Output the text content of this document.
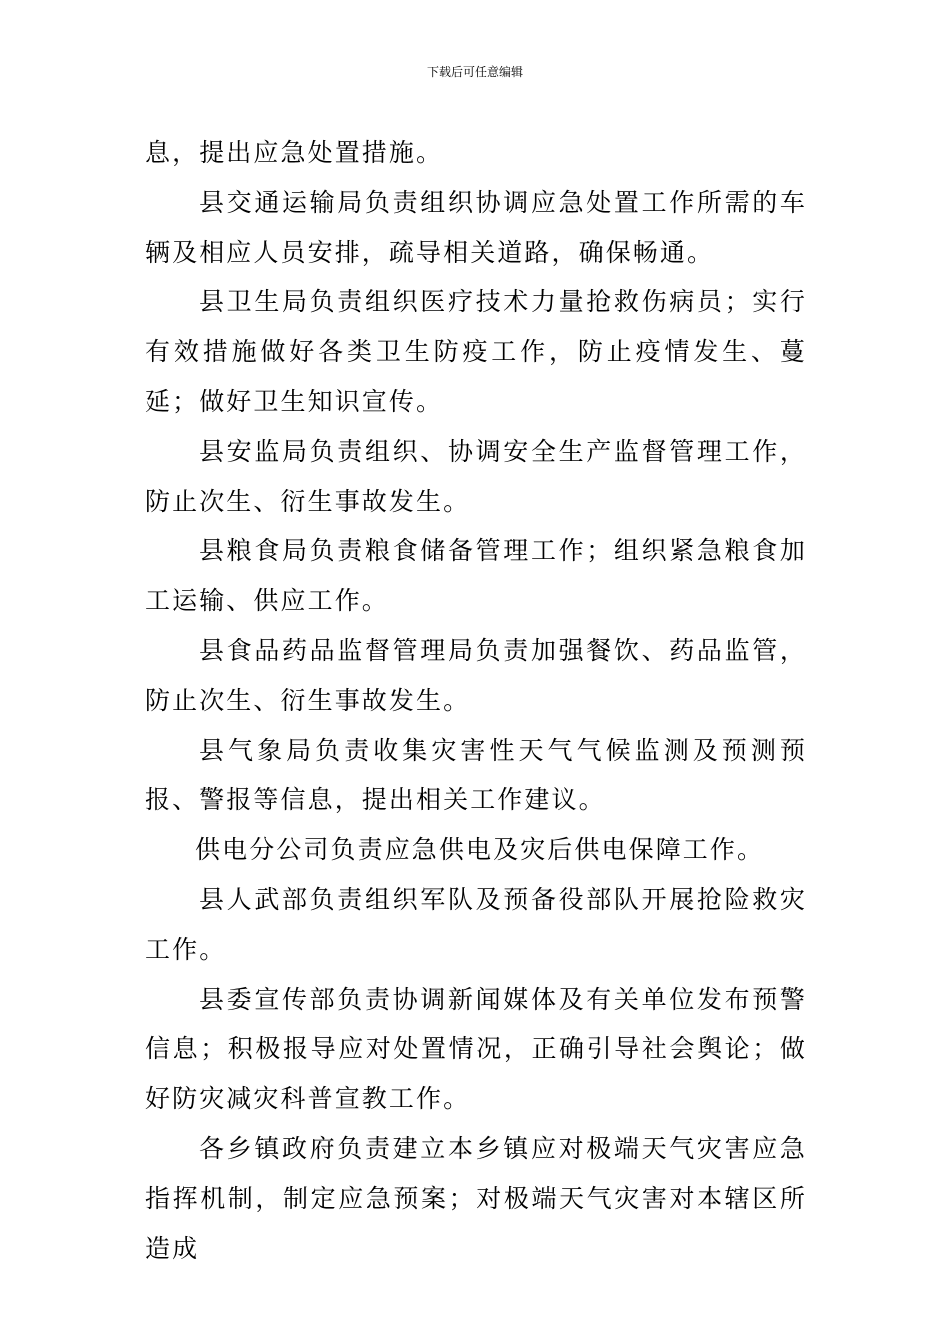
下载后可任意编辑

息，提出应急处置措施。

县交通运输局负责组织协调应急处置工作所需的车辆及相应人员安排，疏导相关道路，确保畅通。

县卫生局负责组织医疗技术力量抢救伤病员；实行有效措施做好各类卫生防疫工作，防止疫情发生、蔓延；做好卫生知识宣传。

县安监局负责组织、协调安全生产监督管理工作，防止次生、衍生事故发生。

县粮食局负责粮食储备管理工作；组织紧急粮食加工运输、供应工作。

县食品药品监督管理局负责加强餐饮、药品监管，防止次生、衍生事故发生。

县气象局负责收集灾害性天气气候监测及预测预报、警报等信息，提出相关工作建议。

供电分公司负责应急供电及灾后供电保障工作。

县人武部负责组织军队及预备役部队开展抢险救灾工作。

县委宣传部负责协调新闻媒体及有关单位发布预警信息；积极报导应对处置情况，正确引导社会舆论；做好防灾减灾科普宣教工作。

各乡镇政府负责建立本乡镇应对极端天气灾害应急指挥机制，制定应急预案；对极端天气灾害对本辖区所造成
